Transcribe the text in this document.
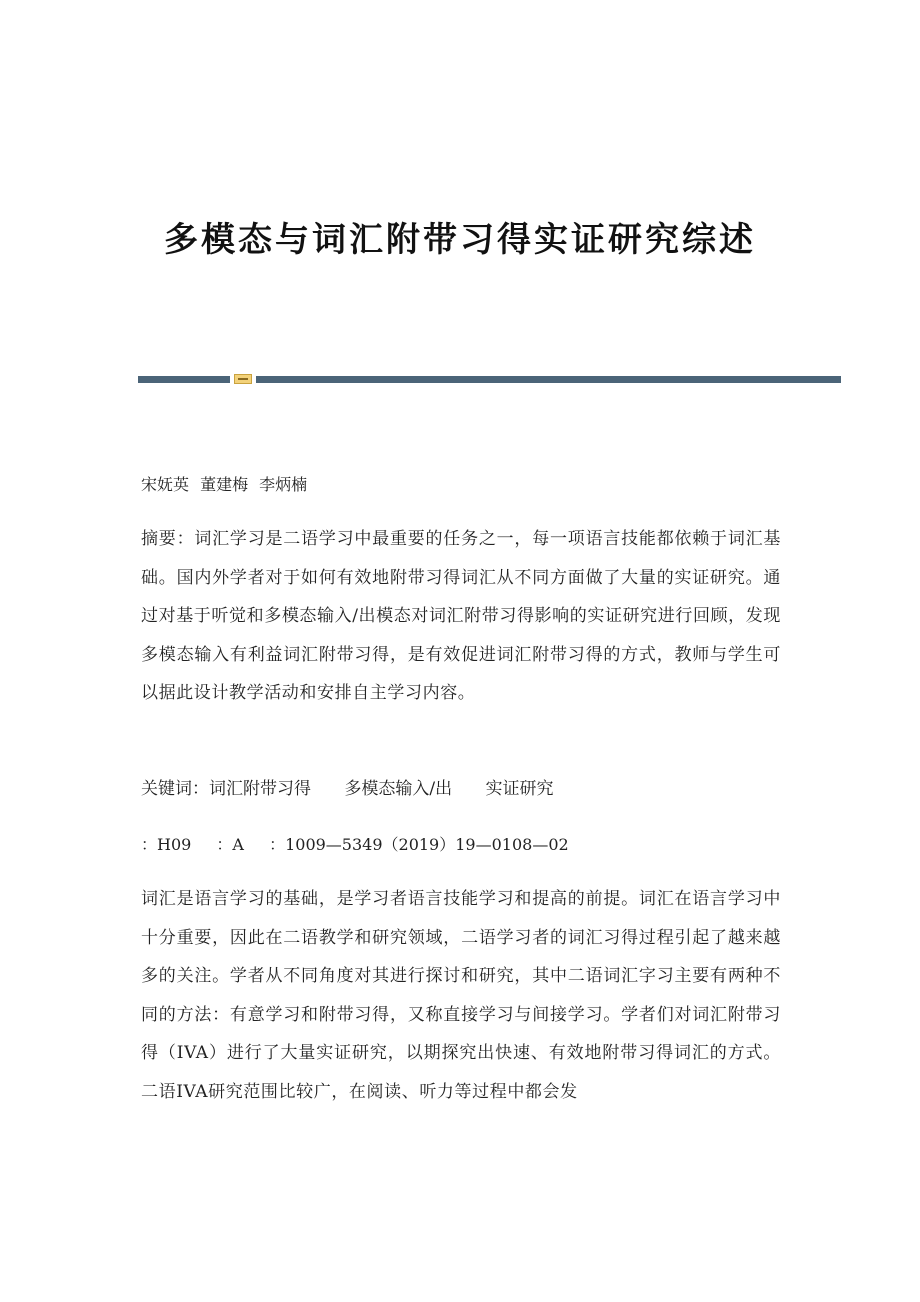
多模态与词汇附带习得实证研究综述
宋妩英 董建梅 李炳楠
摘要：词汇学习是二语学习中最重要的任务之一，每一项语言技能都依赖于词汇基础。国内外学者对于如何有效地附带习得词汇从不同方面做了大量的实证研究。通过对基于听觉和多模态输入/出模态对词汇附带习得影响的实证研究进行回顾，发现多模态输入有利益词汇附带习得，是有效促进词汇附带习得的方式，教师与学生可以据此设计教学活动和安排自主学习内容。
关键词：词汇附带习得 多模态输入/出 实证研究
：H09 ：A ：1009—5349（2019）19—0108—02
词汇是语言学习的基础，是学习者语言技能学习和提高的前提。词汇在语言学习中十分重要，因此在二语教学和研究领域，二语学习者的词汇习得过程引起了越来越多的关注。学者从不同角度对其进行探讨和研究，其中二语词汇字习主要有两种不同的方法：有意学习和附带习得，又称直接学习与间接学习。学者们对词汇附带习得（IVA）进行了大量实证研究，以期探究出快速、有效地附带习得词汇的方式。二语IVA研究范围比较广，在阅读、听力等过程中都会发
